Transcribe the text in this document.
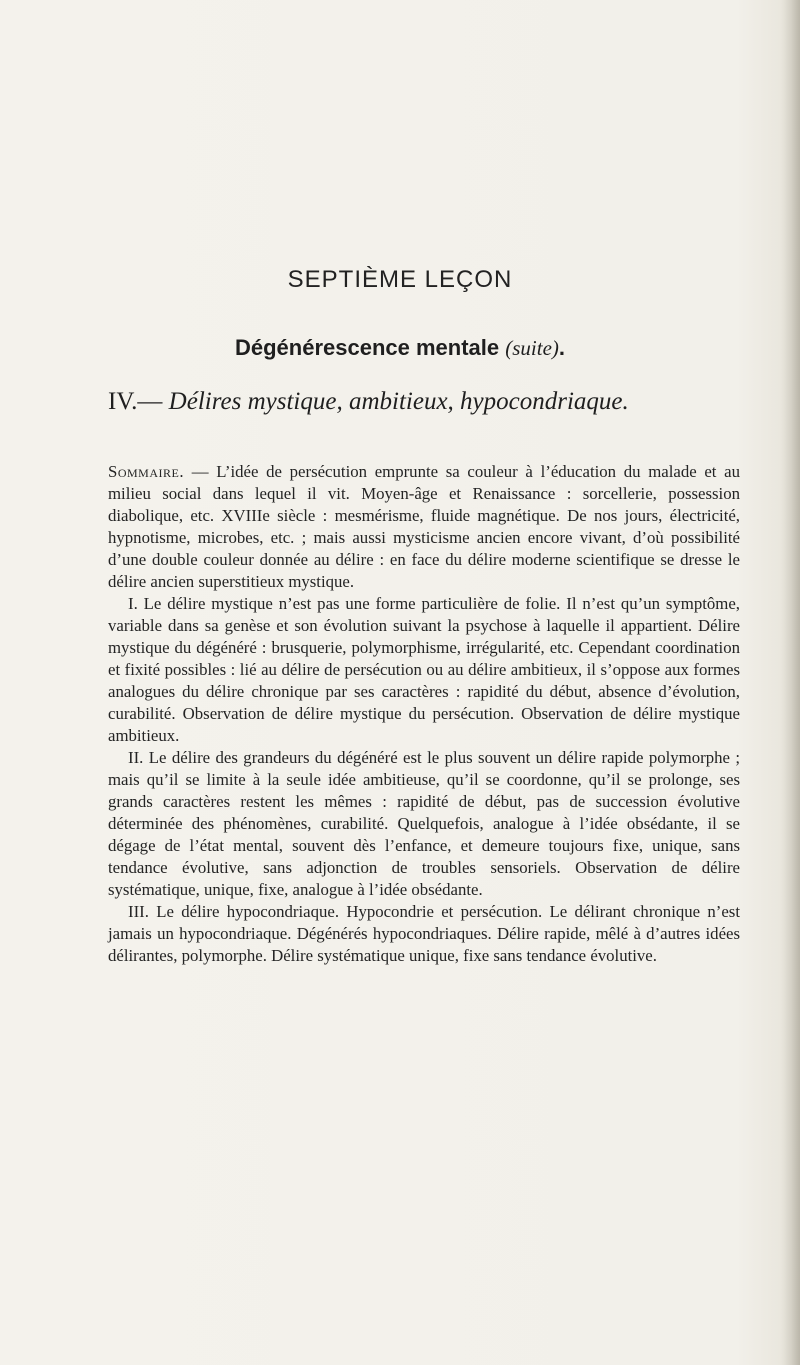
SEPTIÈME LEÇON
Dégénérescence mentale (suite).
IV.— Délires mystique, ambitieux, hypocondriaque.

Sommaire. — L’idée de persécution emprunte sa couleur à l’éducation du malade et au milieu social dans lequel il vit. Moyen-âge et Renaissance : sorcellerie, possession diabolique, etc. XVIIIe siècle : mesmérisme, fluide magnétique. De nos jours, électricité, hypnotisme, microbes, etc. ; mais aussi mysticisme ancien encore vivant, d’où possibilité d’une double couleur donnée au délire : en face du délire moderne scientifique se dresse le délire ancien superstitieux mystique.

I. Le délire mystique n’est pas une forme particulière de folie. Il n’est qu’un symptôme, variable dans sa genèse et son évolution suivant la psychose à laquelle il appartient. Délire mystique du dégénéré : brusquerie, polymorphisme, irrégularité, etc. Cependant coordination et fixité possibles : lié au délire de persécution ou au délire ambitieux, il s’oppose aux formes analogues du délire chronique par ses caractères : rapidité du début, absence d’évolution, curabilité. Observation de délire mystique du persécution. Observation de délire mystique ambitieux.

II. Le délire des grandeurs du dégénéré est le plus souvent un délire rapide polymorphe ; mais qu’il se limite à la seule idée ambitieuse, qu’il se coordonne, qu’il se prolonge, ses grands caractères restent les mêmes : rapidité de début, pas de succession évolutive déterminée des phénomènes, curabilité. Quelquefois, analogue à l’idée obsédante, il se dégage de l’état mental, souvent dès l’enfance, et demeure toujours fixe, unique, sans tendance évolutive, sans adjonction de troubles sensoriels. Observation de délire systématique, unique, fixe, analogue à l’idée obsédante.

III. Le délire hypocondriaque. Hypocondrie et persécution. Le délirant chronique n’est jamais un hypocondriaque. Dégénérés hypocondriaques. Délire rapide, mêlé à d’autres idées délirantes, polymorphe. Délire systématique unique, fixe sans tendance évolutive.
